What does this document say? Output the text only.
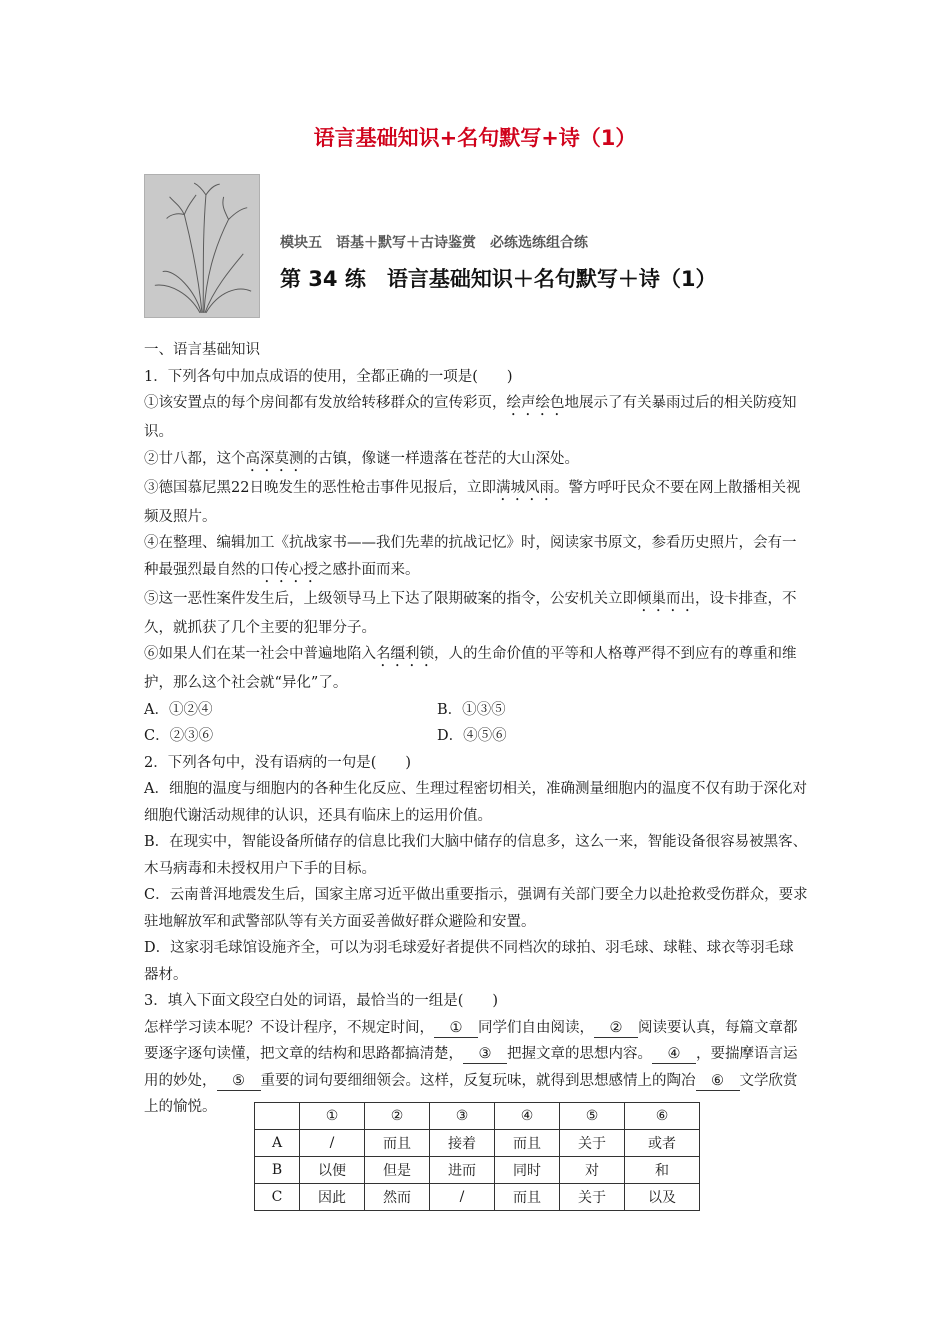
语言基础知识+名句默写+诗（1）
模块五　语基＋默写＋古诗鉴赏　必练选练组合练
第 34 练　语言基础知识＋名句默写＋诗（1）

一、语言基础知识

1．下列各句中加点成语的使用，全都正确的一项是(　　)

①该安置点的每个房间都有发放给转移群众的宣传彩页，绘声绘色地展示了有关暴雨过后的相关防疫知识。

②廿八都，这个高深莫测的古镇，像谜一样遗落在苍茫的大山深处。

③德国慕尼黑22日晚发生的恶性枪击事件见报后，立即满城风雨。警方呼吁民众不要在网上散播相关视频及照片。

④在整理、编辑加工《抗战家书——我们先辈的抗战记忆》时，阅读家书原文，参看历史照片，会有一种最强烈最自然的口传心授之感扑面而来。

⑤这一恶性案件发生后，上级领导马上下达了限期破案的指令，公安机关立即倾巢而出，设卡排查，不久，就抓获了几个主要的犯罪分子。

⑥如果人们在某一社会中普遍地陷入名缰利锁，人的生命价值的平等和人格尊严得不到应有的尊重和维护，那么这个社会就“异化”了。

A．①②④	B．①③⑤
C．②③⑥	D．④⑤⑥

2．下列各句中，没有语病的一句是(　　)

A．细胞的温度与细胞内的各种生化反应、生理过程密切相关，准确测量细胞内的温度不仅有助于深化对细胞代谢活动规律的认识，还具有临床上的运用价值。

B．在现实中，智能设备所储存的信息比我们大脑中储存的信息多，这么一来，智能设备很容易被黑客、木马病毒和未授权用户下手的目标。

C．云南普洱地震发生后，国家主席习近平做出重要指示，强调有关部门要全力以赴抢救受伤群众，要求驻地解放军和武警部队等有关方面妥善做好群众避险和安置。

D．这家羽毛球馆设施齐全，可以为羽毛球爱好者提供不同档次的球拍、羽毛球、球鞋、球衣等羽毛球器材。

3．填入下面文段空白处的词语，最恰当的一组是(　　)

怎样学习读本呢？不设计程序，不规定时间， ① 同学们自由阅读， ② 阅读要认真，每篇文章都要逐字逐句读懂，把文章的结构和思路都搞清楚， ③ 把握文章的思想内容。 ④ ，要揣摩语言运用的妙处， ⑤ 重要的词句要细细领会。这样，反复玩味，就得到思想感情上的陶冶 ⑥ 文学欣赏上的愉悦。

	①	②	③	④	⑤	⑥
A	/	而且	接着	而且	关于	或者
B	以便	但是	进而	同时	对	和
C	因此	然而	/	而且	关于	以及
